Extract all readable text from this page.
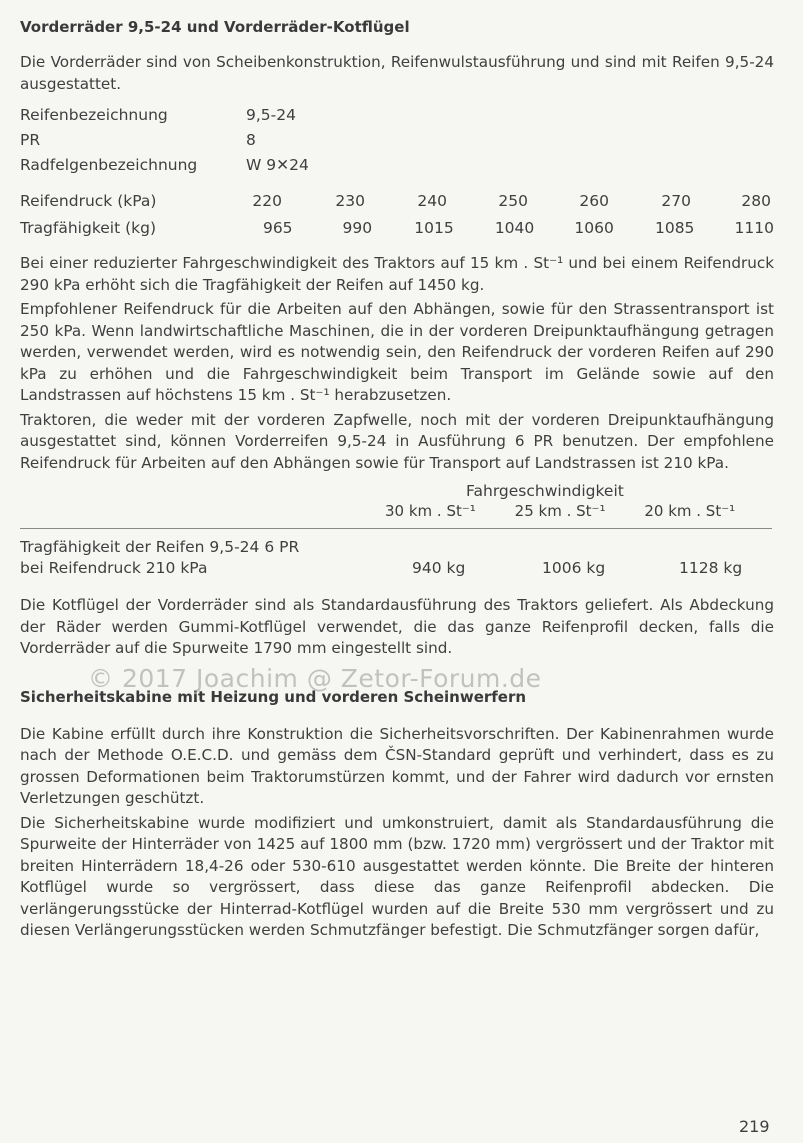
Vorderräder 9,5-24 und Vorderräder-Kotflügel

Die Vorderräder sind von Scheibenkonstruktion, Reifenwulstausführung und sind mit Reifen 9,5-24 ausgestattet.

Reifenbezeichnung	9,5-24
PR	8
Radfelgenbezeichnung	W 9✕24
Reifendruck (kPa)	220	230	240	250	260	270	280
Tragfähigkeit (kg)	965	990	1015	1040	1060	1085	1110

Bei einer reduzierter Fahrgeschwindigkeit des Traktors auf 15 km . St⁻¹ und bei einem Reifendruck 290 kPa erhöht sich die Tragfähigkeit der Reifen auf 1450 kg.

Empfohlener Reifendruck für die Arbeiten auf den Abhängen, sowie für den Strassentransport ist 250 kPa. Wenn landwirtschaftliche Maschinen, die in der vorderen Dreipunktaufhängung getragen werden, verwendet werden, wird es notwendig sein, den Reifendruck der vorderen Reifen auf 290 kPa zu erhöhen und die Fahrgeschwindigkeit beim Transport im Gelände sowie auf den Landstrassen auf höchstens 15 km . St⁻¹ herabzusetzen.

Traktoren, die weder mit der vorderen Zapfwelle, noch mit der vorderen Dreipunktaufhängung ausgestattet sind, können Vorderreifen 9,5-24 in Ausführung 6 PR benutzen. Der empfohlene Reifendruck für Arbeiten auf den Abhängen sowie für Transport auf Landstrassen ist 210 kPa.

Fahrgeschwindigkeit
30 km . St⁻¹	25 km . St⁻¹	20 km . St⁻¹
Tragfähigkeit der Reifen 9,5-24 6 PR
bei Reifendruck 210 kPa	940 kg	1006 kg	1128 kg

Die Kotflügel der Vorderräder sind als Standardausführung des Traktors geliefert. Als Abdeckung der Räder werden Gummi-Kotflügel verwendet, die das ganze Reifenprofil decken, falls die Vorderräder auf die Spurweite 1790 mm eingestellt sind.

Sicherheitskabine mit Heizung und vorderen Scheinwerfern

Die Kabine erfüllt durch ihre Konstruktion die Sicherheitsvorschriften. Der Kabinenrahmen wurde nach der Methode O.E.C.D. und gemäss dem ČSN-Standard geprüft und verhindert, dass es zu grossen Deformationen beim Traktorumstürzen kommt, und der Fahrer wird dadurch vor ernsten Verletzungen geschützt.

Die Sicherheitskabine wurde modifiziert und umkonstruiert, damit als Standardausführung die Spurweite der Hinterräder von 1425 auf 1800 mm (bzw. 1720 mm) vergrössert und der Traktor mit breiten Hinterrädern 18,4-26 oder 530-610 ausgestattet werden könnte. Die Breite der hinteren Kotflügel wurde so vergrössert, dass diese das ganze Reifenprofil abdecken. Die verlängerungsstücke der Hinterrad-Kotflügel wurden auf die Breite 530 mm vergrössert und zu diesen Verlängerungsstücken werden Schmutzfänger befestigt. Die Schmutzfänger sorgen dafür,

© 2017 Joachim @ Zetor-Forum.de
219
